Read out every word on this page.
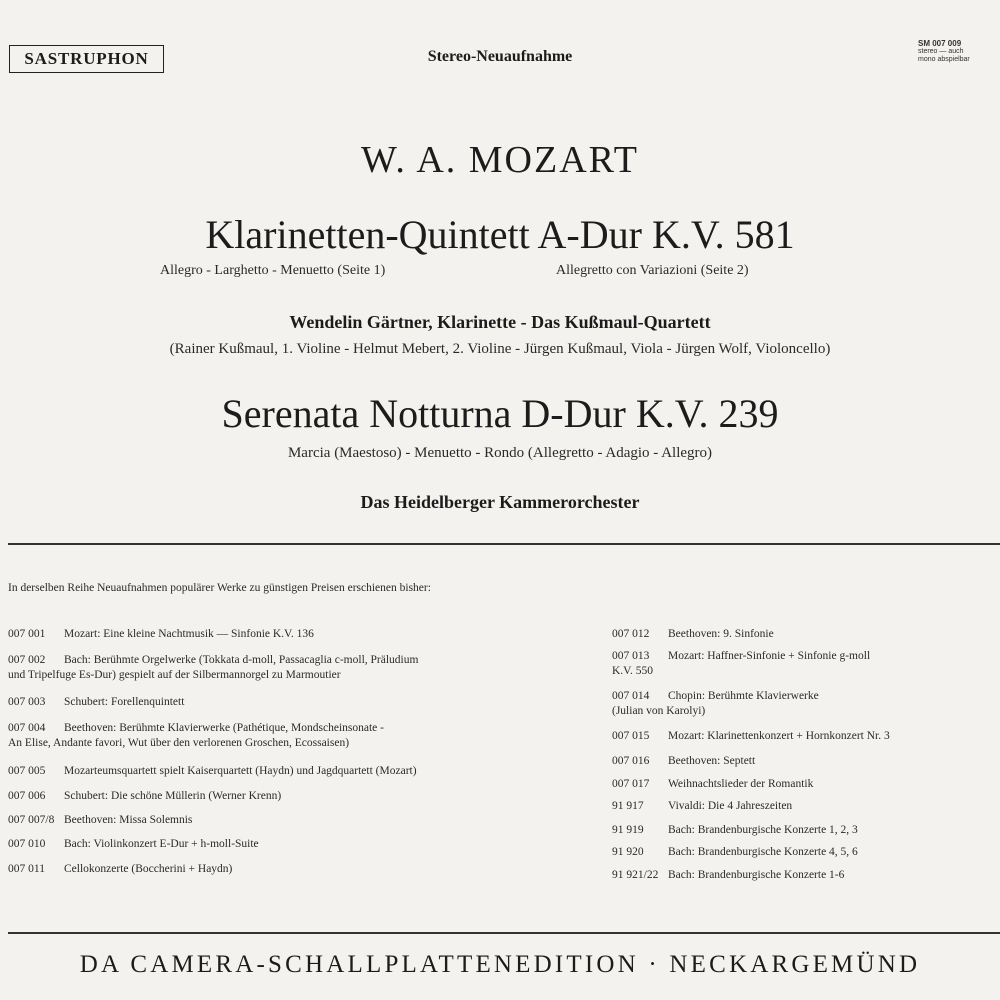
SASTRUPHON	Stereo-Neuaufnahme
SM 007 009
stereo — auch
mono abspielbar
W. A. MOZART
Klarinetten-Quintett A-Dur K.V. 581
Allegro - Larghetto - Menuetto (Seite 1)	Allegretto con Variazioni (Seite 2)
Wendelin Gärtner, Klarinette - Das Kußmaul-Quartett
(Rainer Kußmaul, 1. Violine - Helmut Mebert, 2. Violine - Jürgen Kußmaul, Viola - Jürgen Wolf, Violoncello)
Serenata Notturna D-Dur K.V. 239
Marcia (Maestoso) - Menuetto - Rondo (Allegretto - Adagio - Allegro)
Das Heidelberger Kammerorchester
In derselben Reihe Neuaufnahmen populärer Werke zu günstigen Preisen erschienen bisher:
007 001 Mozart: Eine kleine Nachtmusik — Sinfonie K.V. 136
007 002 Bach: Berühmte Orgelwerke (Tokkata d-moll, Passacaglia c-moll, Präludium
und Tripelfuge Es-Dur) gespielt auf der Silbermannorgel zu Marmoutier
007 003 Schubert: Forellenquintett
007 004 Beethoven: Berühmte Klavierwerke (Pathétique, Mondscheinsonate -
An Elise, Andante favori, Wut über den verlorenen Groschen, Ecossaisen)
007 005 Mozarteumsquartett spielt Kaiserquartett (Haydn) und Jagdquartett (Mozart)
007 006 Schubert: Die schöne Müllerin (Werner Krenn)
007 007/8 Beethoven: Missa Solemnis
007 010 Bach: Violinkonzert E-Dur + h-moll-Suite
007 011 Cellokonzerte (Boccherini + Haydn)
007 012 Beethoven: 9. Sinfonie
007 013 Mozart: Haffner-Sinfonie + Sinfonie g-moll
K.V. 550
007 014 Chopin: Berühmte Klavierwerke
(Julian von Karolyi)
007 015 Mozart: Klarinettenkonzert + Hornkonzert Nr. 3
007 016 Beethoven: Septett
007 017 Weihnachtslieder der Romantik
91 917 Vivaldi: Die 4 Jahreszeiten
91 919 Bach: Brandenburgische Konzerte 1, 2, 3
91 920 Bach: Brandenburgische Konzerte 4, 5, 6
91 921/22 Bach: Brandenburgische Konzerte 1-6
DA CAMERA-SCHALLPLATTENEDITION · NECKARGEMÜND
